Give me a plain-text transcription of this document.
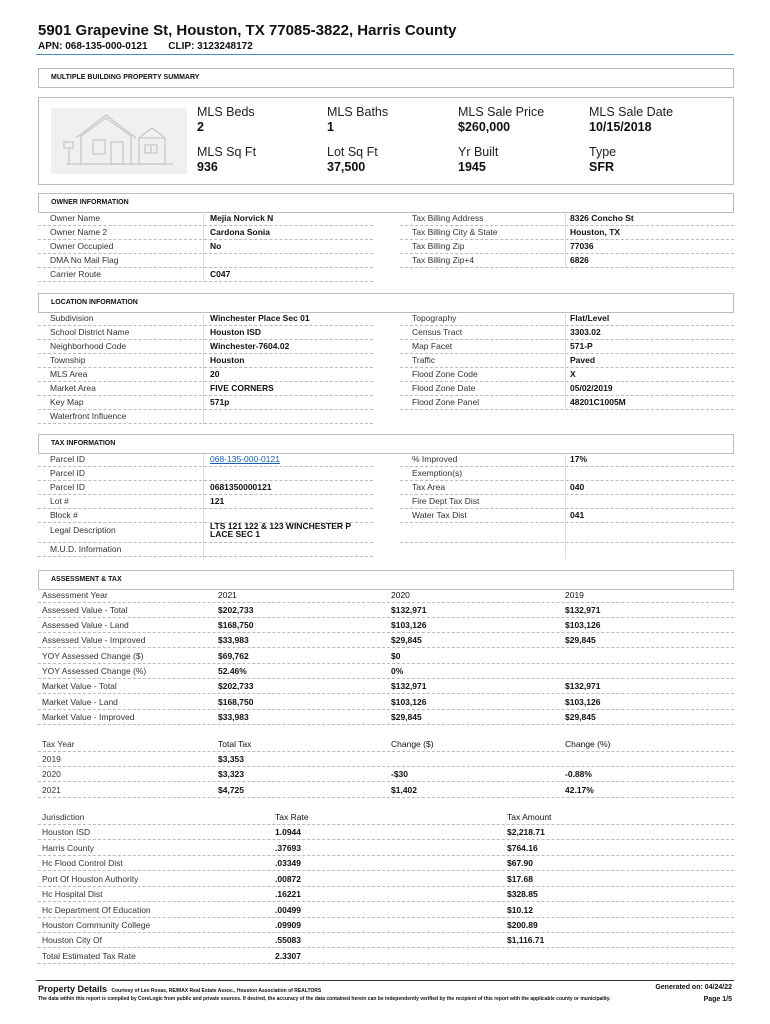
5901 Grapevine St, Houston, TX 77085-3822, Harris County
APN: 068-135-000-0121 CLIP: 3123248172
MULTIPLE BUILDING PROPERTY SUMMARY
MLS Beds
2
MLS Baths
1
MLS Sale Price
$260,000
MLS Sale Date
10/15/2018
MLS Sq Ft
936
Lot Sq Ft
37,500
Yr Built
1945
Type
SFR
OWNER INFORMATION
Owner Name	Mejia Norvick N
Owner Name 2	Cardona Sonia
Owner Occupied	No
DMA No Mail Flag
Carrier Route	C047
Tax Billing Address	8326 Concho St
Tax Billing City & State	Houston, TX
Tax Billing Zip	77036
Tax Billing Zip+4	6826
LOCATION INFORMATION
Subdivision	Winchester Place Sec 01
School District Name	Houston ISD
Neighborhood Code	Winchester-7604.02
Township	Houston
MLS Area	20
Market Area	FIVE CORNERS
Key Map	571p
Waterfront Influence
Topography	Flat/Level
Census Tract	3303.02
Map Facet	571-P
Traffic	Paved
Flood Zone Code	X
Flood Zone Date	05/02/2019
Flood Zone Panel	48201C1005M
TAX INFORMATION
Parcel ID	068-135-000-0121
Parcel ID
Parcel ID	0681350000121
Lot #	121
Block #
Legal Description	LTS 121 122 & 123 WINCHESTER P
LACE SEC 1
M.U.D. Information
% Improved	17%
Exemption(s)
Tax Area	040
Fire Dept Tax Dist
Water Tax Dist	041
ASSESSMENT & TAX
Assessment Year	2021	2020	2019
Assessed Value - Total	$202,733	$132,971	$132,971
Assessed Value - Land	$168,750	$103,126	$103,126
Assessed Value - Improved	$33,983	$29,845	$29,845
YOY Assessed Change ($)	$69,762	$0
YOY Assessed Change (%)	52.46%	0%
Market Value - Total	$202,733	$132,971	$132,971
Market Value - Land	$168,750	$103,126	$103,126
Market Value - Improved	$33,983	$29,845	$29,845
Tax Year	Total Tax	Change ($)	Change (%)
2019	$3,353
2020	$3,323	-$30	-0.88%
2021	$4,725	$1,402	42.17%
Jurisdiction	Tax Rate	Tax Amount
Houston ISD	1.0944	$2,218.71
Harris County	.37693	$764.16
Hc Flood Control Dist	.03349	$67.90
Port Of Houston Authority	.00872	$17.68
Hc Hospital Dist	.16221	$328.85
Hc Department Of Education	.00499	$10.12
Houston Community College	.09909	$200.89
Houston City Of	.55083	$1,116.71
Total Estimated Tax Rate	2.3307
Property Details Courtesy of Leo Rosas, RE/MAX Real Estate Assoc., Houston Association of REALTORS
The data within this report is compiled by CoreLogic from public and private sources. If desired, the accuracy of the data contained herein can be independently verified by the recipient of this report with the applicable county or municipality.
Generated on: 04/24/22
Page 1/5
